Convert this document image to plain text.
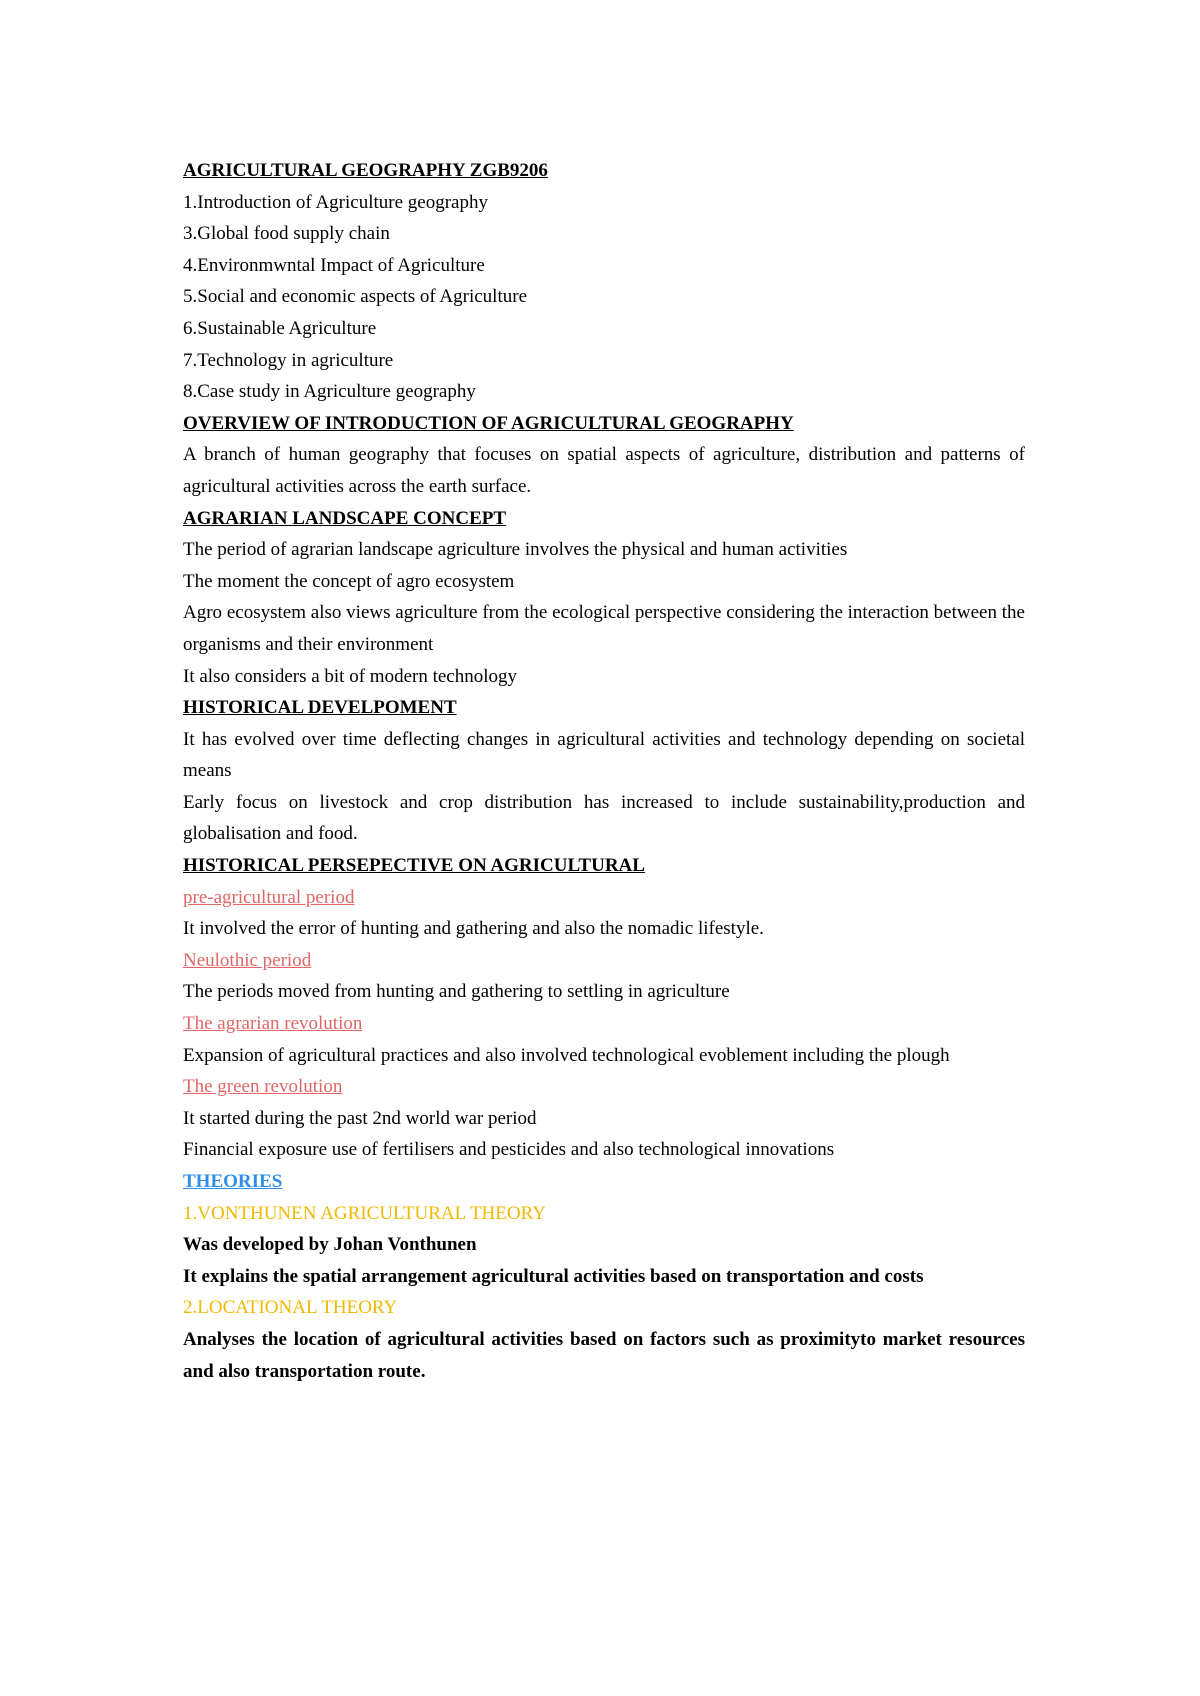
AGRICULTURAL GEOGRAPHY ZGB9206
1.Introduction of Agriculture geography
3.Global food supply chain
4.Environmwntal Impact of Agriculture
5.Social and economic aspects of Agriculture
6.Sustainable Agriculture
7.Technology in agriculture
8.Case study in Agriculture geography
OVERVIEW OF INTRODUCTION OF AGRICULTURAL GEOGRAPHY

A branch of human geography that focuses on spatial aspects of agriculture, distribution and patterns of agricultural activities across the earth surface.

AGRARIAN LANDSCAPE CONCEPT

The period of agrarian landscape agriculture involves the physical and human activities

The moment the concept of agro ecosystem

Agro ecosystem also views agriculture from the ecological perspective considering the interaction between the organisms and their environment

It also considers a bit of modern technology

HISTORICAL DEVELPOMENT

It has evolved over time deflecting changes in agricultural activities and technology depending on societal means

Early focus on livestock and crop distribution has increased to include sustainability,production and globalisation and food.

HISTORICAL PERSEPECTIVE ON AGRICULTURAL
pre-agricultural period

It involved the error of hunting and gathering and also the nomadic lifestyle.

Neulothic period

The periods moved from hunting and gathering to settling in agriculture

The agrarian revolution

Expansion of agricultural practices and also involved technological evoblement including the plough

The green revolution

It started during the past 2nd world war period

Financial exposure use of fertilisers and pesticides and also technological innovations

THEORIES
1.VONTHUNEN AGRICULTURAL THEORY
Was developed by Johan Vonthunen
It explains the spatial arrangement agricultural activities based on transportation and costs
2.LOCATIONAL THEORY

Analyses the location of agricultural activities based on factors such as proximityto market resources and also transportation route.
